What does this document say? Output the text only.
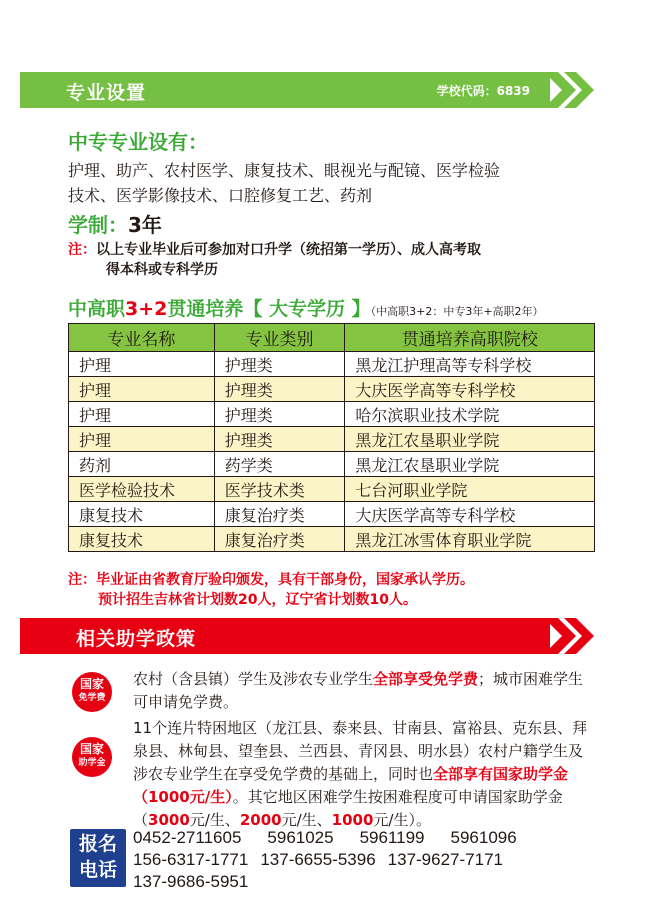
专业设置	学校代码：6839
中专专业设有：
护理、助产、农村医学、康复技术、眼视光与配镜、医学检验
技术、医学影像技术、口腔修复工艺、药剂
学制：3年
注：以上专业毕业后可参加对口升学（统招第一学历）、成人高考取
得本科或专科学历
中高职3+2贯通培养【 大专学历 】（中高职3+2：中专3年+高职2年）
专业名称	专业类别	贯通培养高职院校
护理	护理类	黑龙江护理高等专科学校
护理	护理类	大庆医学高等专科学校
护理	护理类	哈尔滨职业技术学院
护理	护理类	黑龙江农垦职业学院
药剂	药学类	黑龙江农垦职业学院
医学检验技术	医学技术类	七台河职业学院
康复技术	康复治疗类	大庆医学高等专科学校
康复技术	康复治疗类	黑龙江冰雪体育职业学院
注：毕业证由省教育厅验印颁发，具有干部身份，国家承认学历。
预计招生吉林省计划数20人，辽宁省计划数10人。
相关助学政策
国家
免学费
农村（含县镇）学生及涉农专业学生全部享受免学费；城市困难学生
可申请免学费。
国家
助学金
11个连片特困地区（龙江县、泰来县、甘南县、富裕县、克东县、拜
泉县、林甸县、望奎县、兰西县、青冈县、明水县）农村户籍学生及
涉农专业学生在享受免学费的基础上，同时也全部享有国家助学金
（1000元/生）。其它地区困难学生按困难程度可申请国家助学金
（3000元/生、2000元/生、1000元/生）。
报名
电话
0452-2711605 5961025 5961199 5961096
156-6317-1771 137-6655-5396 137-9627-7171
137-9686-5951
